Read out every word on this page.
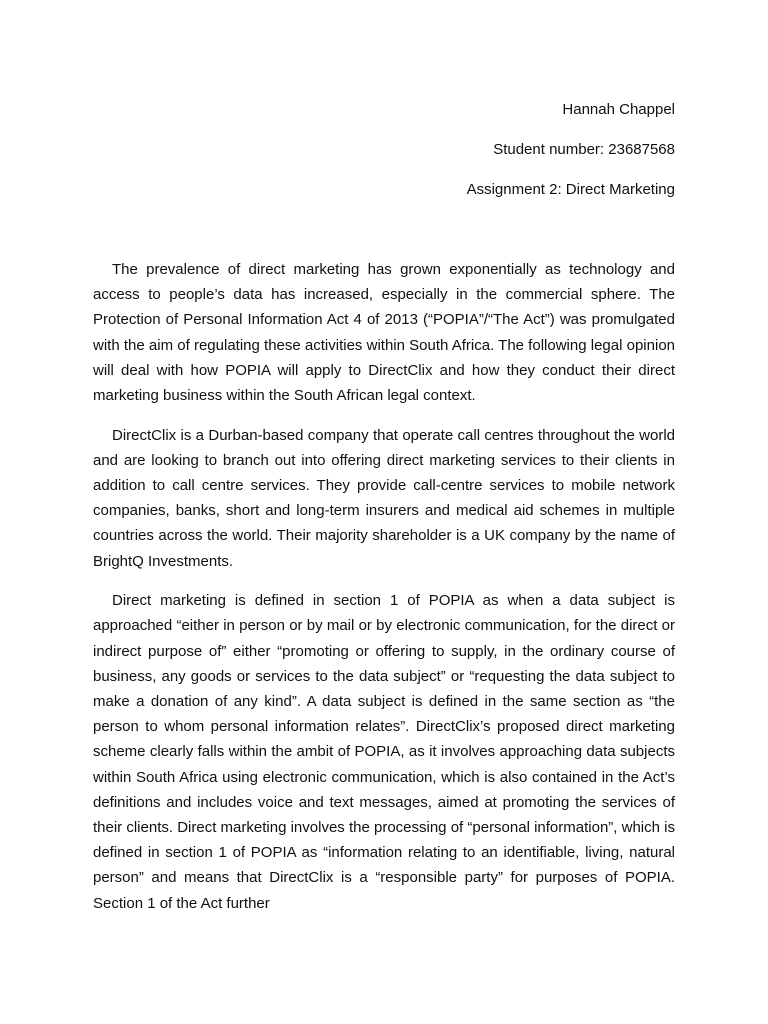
Hannah Chappel
Student number: 23687568
Assignment 2: Direct Marketing

The prevalence of direct marketing has grown exponentially as technology and access to people’s data has increased, especially in the commercial sphere. The Protection of Personal Information Act 4 of 2013 (“POPIA”/“The Act”) was promulgated with the aim of regulating these activities within South Africa. The following legal opinion will deal with how POPIA will apply to DirectClix and how they conduct their direct marketing business within the South African legal context.

DirectClix is a Durban-based company that operate call centres throughout the world and are looking to branch out into offering direct marketing services to their clients in addition to call centre services. They provide call-centre services to mobile network companies, banks, short and long-term insurers and medical aid schemes in multiple countries across the world. Their majority shareholder is a UK company by the name of BrightQ Investments.

Direct marketing is defined in section 1 of POPIA as when a data subject is approached “either in person or by mail or by electronic communication, for the direct or indirect purpose of” either “promoting or offering to supply, in the ordinary course of business, any goods or services to the data subject” or “requesting the data subject to make a donation of any kind”. A data subject is defined in the same section as “the person to whom personal information relates”. DirectClix’s proposed direct marketing scheme clearly falls within the ambit of POPIA, as it involves approaching data subjects within South Africa using electronic communication, which is also contained in the Act’s definitions and includes voice and text messages, aimed at promoting the services of their clients. Direct marketing involves the processing of “personal information”, which is defined in section 1 of POPIA as “information relating to an identifiable, living, natural person” and means that DirectClix is a “responsible party” for purposes of POPIA. Section 1 of the Act further
